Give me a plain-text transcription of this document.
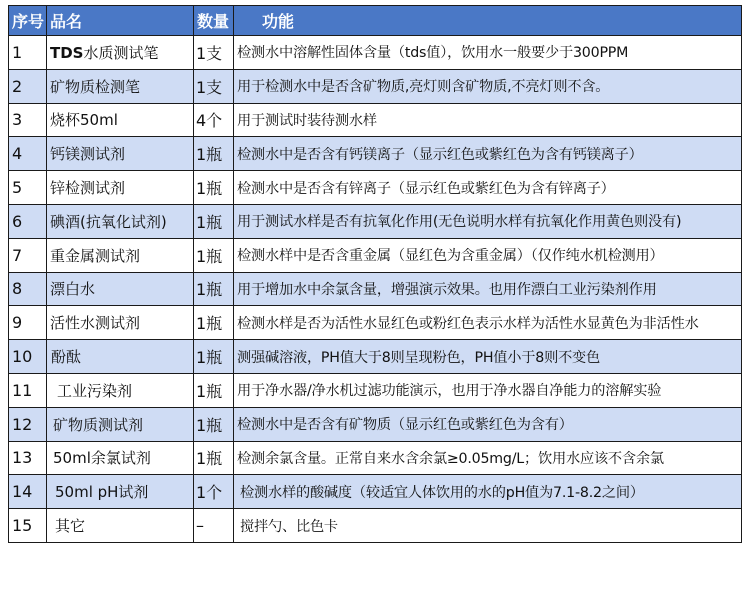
序号	品名	数量	功能
1	TDS水质测试笔	1支	检测水中溶解性固体含量（tds值），饮用水一般要少于300PPM
2	矿物质检测笔	1支	用于检测水中是否含矿物质,亮灯则含矿物质,不亮灯则不含。
3	烧杯50ml	4个	用于测试时装待测水样
4	钙镁测试剂	1瓶	检测水中是否含有钙镁离子（显示红色或紫红色为含有钙镁离子）
5	锌检测试剂	1瓶	检测水中是否含有锌离子（显示红色或紫红色为含有锌离子）
6	碘酒(抗氧化试剂)	1瓶	用于测试水样是否有抗氧化作用(无色说明水样有抗氧化作用黄色则没有)
7	重金属测试剂	1瓶	检测水样中是否含重金属（显红色为含重金属）（仅作纯水机检测用）
8	漂白水	1瓶	用于增加水中余氯含量，增强演示效果。也用作漂白工业污染剂作用
9	活性水测试剂	1瓶	检测水样是否为活性水显红色或粉红色表示水样为活性水显黄色为非活性水
10	酚酞	1瓶	测强碱溶液，PH值大于8则呈现粉色，PH值小于8则不变色
11	工业污染剂	1瓶	用于净水器/净水机过滤功能演示，也用于净水器自净能力的溶解实验
12	矿物质测试剂	1瓶	检测水中是否含有矿物质（显示红色或紫红色为含有）
13	50ml余氯试剂	1瓶	检测余氯含量。正常自来水含余氯≥0.05mg/L；饮用水应该不含余氯
14	50ml pH试剂	1个	检测水样的酸碱度（较适宜人体饮用的水的pH值为7.1-8.2之间）
15	其它	–	搅拌勺、比色卡
